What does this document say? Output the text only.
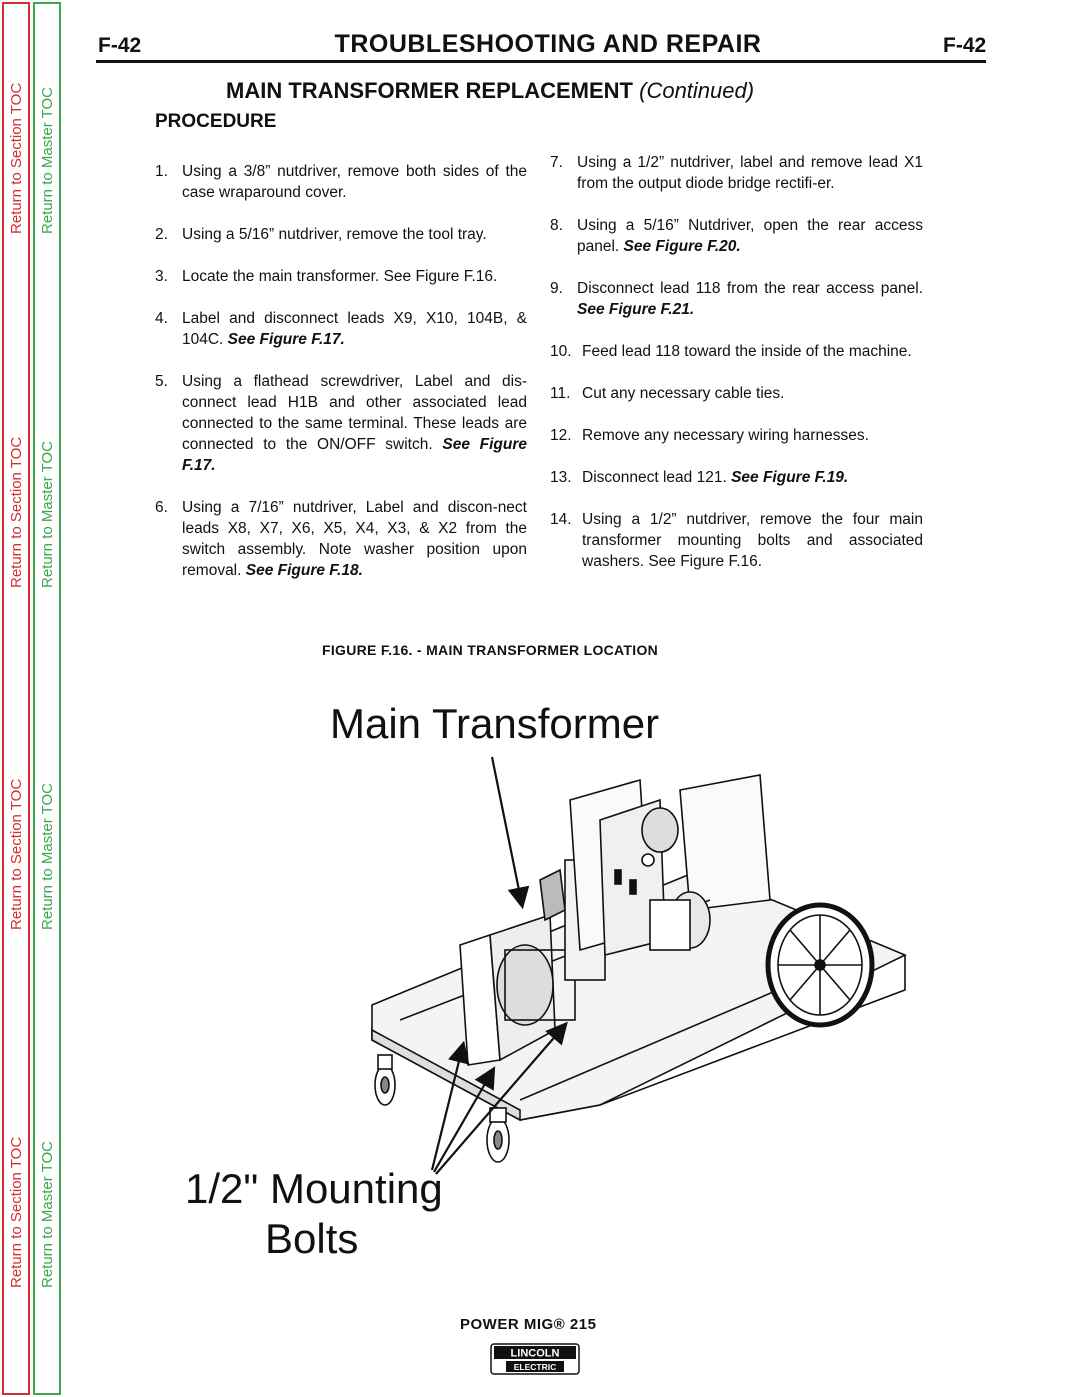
Return to Section TOC
Return to Section TOC
Return to Section TOC
Return to Section TOC
Return to Master TOC
Return to Master TOC
Return to Master TOC
Return to Master TOC
F-42	TROUBLESHOOTING AND REPAIR	F-42
MAIN TRANSFORMER REPLACEMENT (Continued)
PROCEDURE
1. Using a 3/8” nutdriver, remove both sides of the case wraparound cover.
2. Using a 5/16” nutdriver, remove the tool tray.
3. Locate the main transformer. See Figure F.16.
4. Label and disconnect leads X9, X10, 104B, & 104C. See Figure F.17.
5. Using a flathead screwdriver, Label and dis-connect lead H1B and other associated lead connected to the same terminal. These leads are connected to the ON/OFF switch. See Figure F.17.
6. Using a 7/16” nutdriver, Label and discon-nect leads X8, X7, X6, X5, X4, X3, & X2 from the switch assembly. Note washer position upon removal. See Figure F.18.
7. Using a 1/2” nutdriver, label and remove lead X1 from the output diode bridge rectifi-er.
8. Using a 5/16” Nutdriver, open the rear access panel. See Figure F.20.
9. Disconnect lead 118 from the rear access panel. See Figure F.21.
10. Feed lead 118 toward the inside of the machine.
11. Cut any necessary cable ties.
12. Remove any necessary wiring harnesses.
13. Disconnect lead 121. See Figure F.19.
14. Using a 1/2” nutdriver, remove the four main transformer mounting bolts and associated washers. See Figure F.16.
FIGURE F.16. - MAIN TRANSFORMER LOCATION
Main Transformer
1/2" Mounting
Bolts
POWER MIG® 215
LINCOLN
ELECTRIC
